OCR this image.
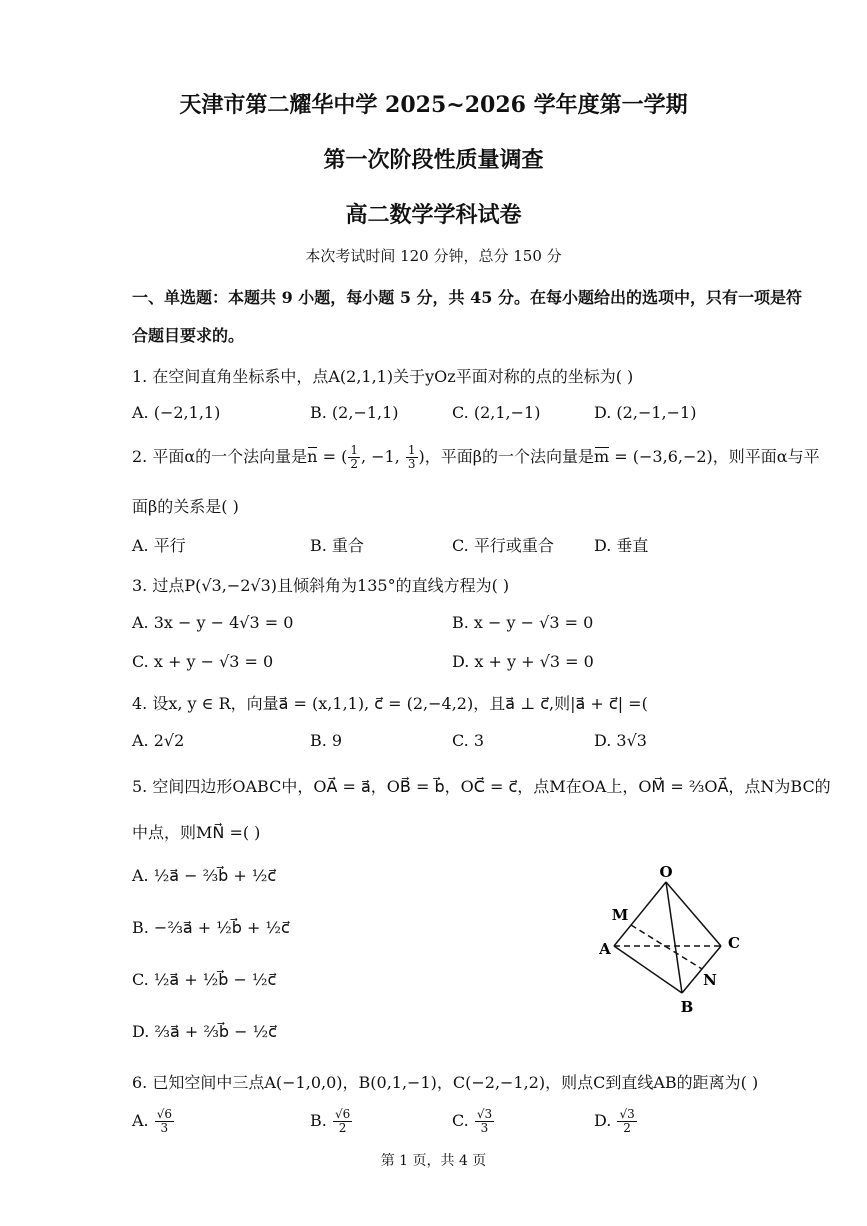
天津市第二耀华中学 2025~2026 学年度第一学期
第一次阶段性质量调查
高二数学学科试卷
本次考试时间 120 分钟，总分 150 分
一、单选题：本题共 9 小题，每小题 5 分，共 45 分。在每小题给出的选项中，只有一项是符
合题目要求的。
1. 在空间直角坐标系中，点A(2,1,1)关于yOz平面对称的点的坐标为( )
A. (−2,1,1)	B. (2,−1,1)	C. (2,1,−1)	D. (2,−1,−1)
2. 平面α的一个法向量是n = ( $\frac{1}{2}$ , −1, $\frac{1}{3}$ )，平面β的一个法向量是m = (−3,6,−2)，则平面α与平
面β的关系是( )
A. 平行	B. 重合	C. 平行或重合	D. 垂直
3. 过点P(√3,−2√3)且倾斜角为135°的直线方程为( )
A. 3x − y − 4√3 = 0	B. x − y − √3 = 0
C. x + y − √3 = 0	D. x + y + √3 = 0
4. 设x, y ∈ R，向量a⃗ = (x,1,1), c⃗ = (2,−4,2)，且a⃗ ⊥ c⃗,则|a⃗ + c⃗| =(
A. 2√2	B. 9	C. 3	D. 3√3
5. 空间四边形OABC中，OA⃗ = a⃗，OB⃗ = b⃗，OC⃗ = c⃗，点M在OA上，OM⃗ = ⅔OA⃗，点N为BC的
中点，则MN⃗ =( )
A. ½a⃗ − ⅔b⃗ + ½c⃗
B. −⅔a⃗ + ½b⃗ + ½c⃗
C. ½a⃗ + ½b⃗ − ½c⃗
D. ⅔a⃗ + ⅔b⃗ − ½c⃗
O
M
A	C
N
B
6. 已知空间中三点A(−1,0,0)，B(0,1,−1)，C(−2,−1,2)，则点C到直线AB的距离为( )
A. $\frac{√6}{3}$	B. $\frac{√6}{2}$	C. $\frac{√3}{3}$	D. $\frac{√3}{2}$
第 1 页，共 4 页
